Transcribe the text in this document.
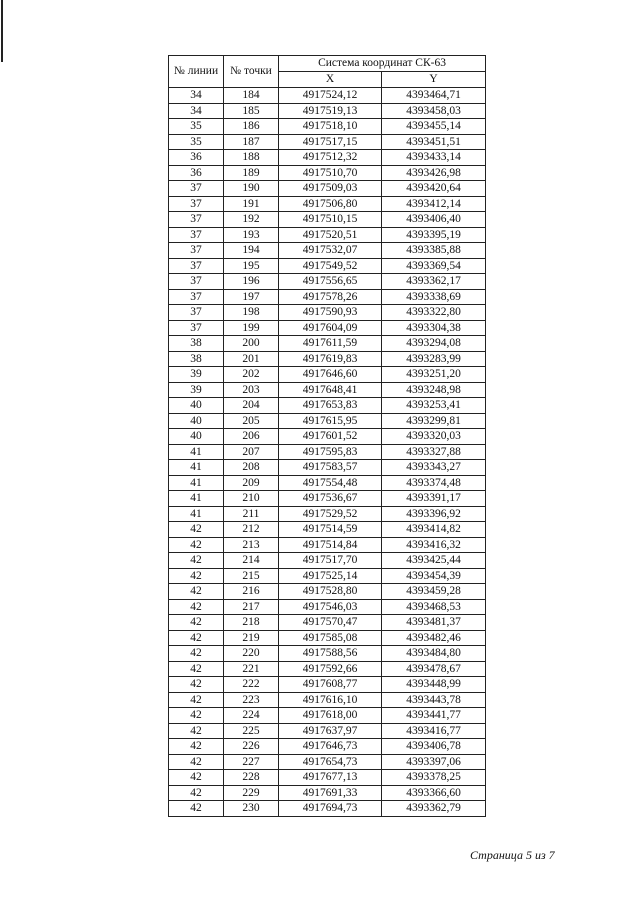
№ линии	№ точки	Система координат СК-63	
		X	Y
34	184	4917524,12	4393464,71
34	185	4917519,13	4393458,03
35	186	4917518,10	4393455,14
35	187	4917517,15	4393451,51
36	188	4917512,32	4393433,14
36	189	4917510,70	4393426,98
37	190	4917509,03	4393420,64
37	191	4917506,80	4393412,14
37	192	4917510,15	4393406,40
37	193	4917520,51	4393395,19
37	194	4917532,07	4393385,88
37	195	4917549,52	4393369,54
37	196	4917556,65	4393362,17
37	197	4917578,26	4393338,69
37	198	4917590,93	4393322,80
37	199	4917604,09	4393304,38
38	200	4917611,59	4393294,08
38	201	4917619,83	4393283,99
39	202	4917646,60	4393251,20
39	203	4917648,41	4393248,98
40	204	4917653,83	4393253,41
40	205	4917615,95	4393299,81
40	206	4917601,52	4393320,03
41	207	4917595,83	4393327,88
41	208	4917583,57	4393343,27
41	209	4917554,48	4393374,48
41	210	4917536,67	4393391,17
41	211	4917529,52	4393396,92
42	212	4917514,59	4393414,82
42	213	4917514,84	4393416,32
42	214	4917517,70	4393425,44
42	215	4917525,14	4393454,39
42	216	4917528,80	4393459,28
42	217	4917546,03	4393468,53
42	218	4917570,47	4393481,37
42	219	4917585,08	4393482,46
42	220	4917588,56	4393484,80
42	221	4917592,66	4393478,67
42	222	4917608,77	4393448,99
42	223	4917616,10	4393443,78
42	224	4917618,00	4393441,77
42	225	4917637,97	4393416,77
42	226	4917646,73	4393406,78
42	227	4917654,73	4393397,06
42	228	4917677,13	4393378,25
42	229	4917691,33	4393366,60
42	230	4917694,73	4393362,79
Страница 5 из 7
